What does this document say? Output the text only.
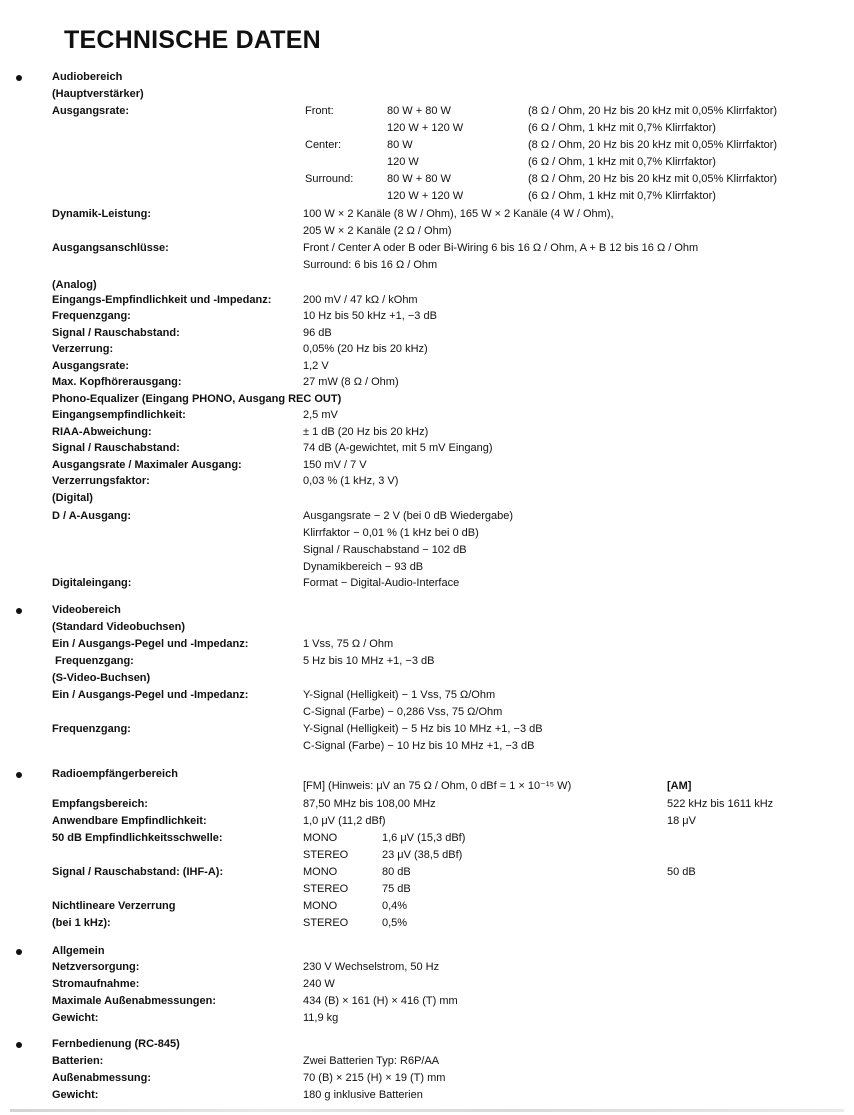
TECHNISCHE DATEN
Audiobereich
(Hauptverstärker)
Ausgangsrate:	Front:	80 W + 80 W	(8 Ω / Ohm, 20 Hz bis 20 kHz mit 0,05% Klirrfaktor)
120 W + 120 W	(6 Ω / Ohm, 1 kHz mit 0,7% Klirrfaktor)
Center:	80 W	(8 Ω / Ohm, 20 Hz bis 20 kHz mit 0,05% Klirrfaktor)
120 W	(6 Ω / Ohm, 1 kHz mit 0,7% Klirrfaktor)
Surround:	80 W + 80 W	(8 Ω / Ohm, 20 Hz bis 20 kHz mit 0,05% Klirrfaktor)
120 W + 120 W	(6 Ω / Ohm, 1 kHz mit 0,7% Klirrfaktor)
Dynamik-Leistung:	100 W × 2 Kanäle (8 W / Ohm), 165 W × 2 Kanäle (4 W / Ohm),
205 W × 2 Kanäle (2 Ω / Ohm)
Ausgangsanschlüsse:	Front / Center A oder B oder Bi-Wiring 6 bis 16 Ω / Ohm, A + B 12 bis 16 Ω / Ohm
Surround: 6 bis 16 Ω / Ohm
(Analog)
Eingangs-Empfindlichkeit und -Impedanz:	200 mV / 47 kΩ / kOhm
Frequenzgang:	10 Hz bis 50 kHz +1, −3 dB
Signal / Rauschabstand:	96 dB
Verzerrung:	0,05% (20 Hz bis 20 kHz)
Ausgangsrate:	1,2 V
Max. Kopfhörerausgang:	27 mW (8 Ω / Ohm)
Phono-Equalizer (Eingang PHONO, Ausgang REC OUT)
Eingangsempfindlichkeit:	2,5 mV
RIAA-Abweichung:	± 1 dB (20 Hz bis 20 kHz)
Signal / Rauschabstand:	74 dB (A-gewichtet, mit 5 mV Eingang)
Ausgangsrate / Maximaler Ausgang:	150 mV / 7 V
Verzerrungsfaktor:	0,03 % (1 kHz, 3 V)
(Digital)
D / A-Ausgang:	Ausgangsrate − 2 V (bei 0 dB Wiedergabe)
Klirrfaktor − 0,01 % (1 kHz bei 0 dB)
Signal / Rauschabstand − 102 dB
Dynamikbereich − 93 dB
Digitaleingang:	Format − Digital-Audio-Interface
Videobereich
(Standard Videobuchsen)
Ein / Ausgangs-Pegel und -Impedanz:	1 Vss, 75 Ω / Ohm
Frequenzgang:	5 Hz bis 10 MHz +1, −3 dB
(S-Video-Buchsen)
Ein / Ausgangs-Pegel und -Impedanz:	Y-Signal (Helligkeit) − 1 Vss, 75 Ω/Ohm
C-Signal (Farbe) − 0,286 Vss, 75 Ω/Ohm
Frequenzgang:	Y-Signal (Helligkeit) − 5 Hz bis 10 MHz +1, −3 dB
C-Signal (Farbe) − 10 Hz bis 10 MHz +1, −3 dB
Radioempfängerbereich
[FM] (Hinweis: μV an 75 Ω / Ohm, 0 dBf = 1 × 10⁻¹⁵ W)	[AM]
Empfangsbereich:	87,50 MHz bis 108,00 MHz	522 kHz bis 1611 kHz
Anwendbare Empfindlichkeit:	1,0 μV (11,2 dBf)	18 μV
50 dB Empfindlichkeitsschwelle:	MONO	1,6 μV (15,3 dBf)
STEREO	23 μV (38,5 dBf)
Signal / Rauschabstand: (IHF-A):	MONO	80 dB	50 dB
STEREO	75 dB
Nichtlineare Verzerrung	MONO	0,4%
(bei 1 kHz):	STEREO	0,5%
Allgemein
Netzversorgung:	230 V Wechselstrom, 50 Hz
Stromaufnahme:	240 W
Maximale Außenabmessungen:	434 (B) × 161 (H) × 416 (T) mm
Gewicht:	11,9 kg
Fernbedienung (RC-845)
Batterien:	Zwei Batterien Typ: R6P/AA
Außenabmessung:	70 (B) × 215 (H) × 19 (T) mm
Gewicht:	180 g inklusive Batterien
